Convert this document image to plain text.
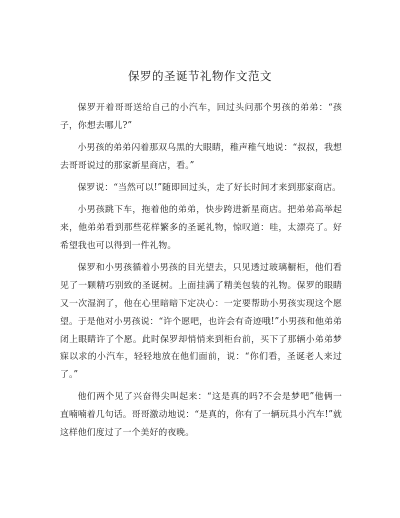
保罗的圣诞节礼物作文范文

保罗开着哥哥送给自己的小汽车，回过头问那个男孩的弟弟：“孩子，你想去哪儿?”

小男孩的弟弟闪着那双乌黑的大眼睛，稚声稚气地说：“叔叔，我想去哥哥说过的那家新星商店，看。”

保罗说：“当然可以!”随即回过头，走了好长时间才来到那家商店。

小男孩跳下车，拖着他的弟弟，快步跨进新星商店。把弟弟高举起来，他弟弟看到那些花样繁多的圣诞礼物，惊叹道：哇，太漂亮了。好希望我也可以得到一件礼物。

保罗和小男孩循着小男孩的目光望去，只见透过玻璃橱柜，他们看见了一颗精巧别致的圣诞树。上面挂满了精美包装的礼物。保罗的眼睛又一次湿润了，他在心里暗暗下定决心：一定要帮助小男孩实现这个愿望。于是他对小男孩说：“许个愿吧，也许会有奇迹哦!”小男孩和他弟弟闭上眼睛许了个愿。此时保罗却悄悄来到柜台前，买下了那辆小弟弟梦寐以求的小汽车，轻轻地放在他们面前，说：“你们看，圣诞老人来过了。”

他们两个见了兴奋得尖叫起来：“这是真的吗?不会是梦吧”他俩一直喃喃着几句话。哥哥激动地说：“是真的，你有了一辆玩具小汽车!”就这样他们度过了一个美好的夜晚。
